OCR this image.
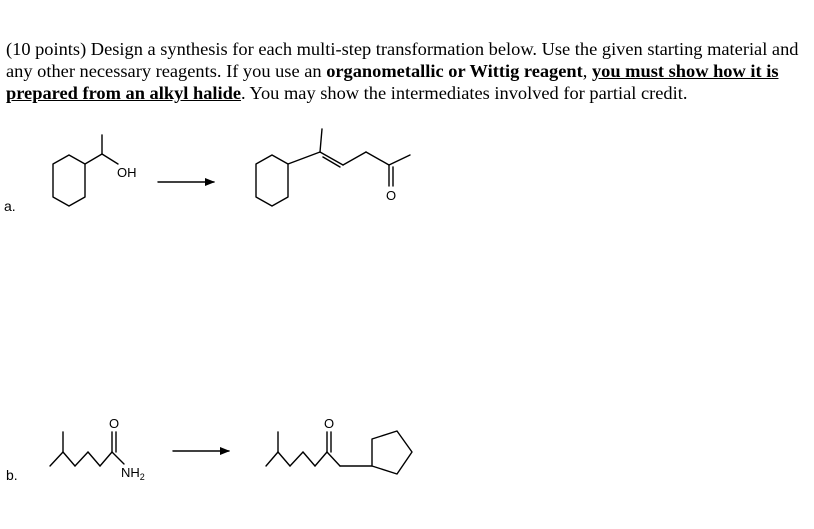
(10 points) Design a synthesis for each multi-step transformation below. Use the given starting material and any other necessary reagents. If you use an organometallic or Wittig reagent, you must show how it is prepared from an alkyl halide. You may show the intermediates involved for partial credit.

a.
b.
OH
O
O
$NH_2$
O
